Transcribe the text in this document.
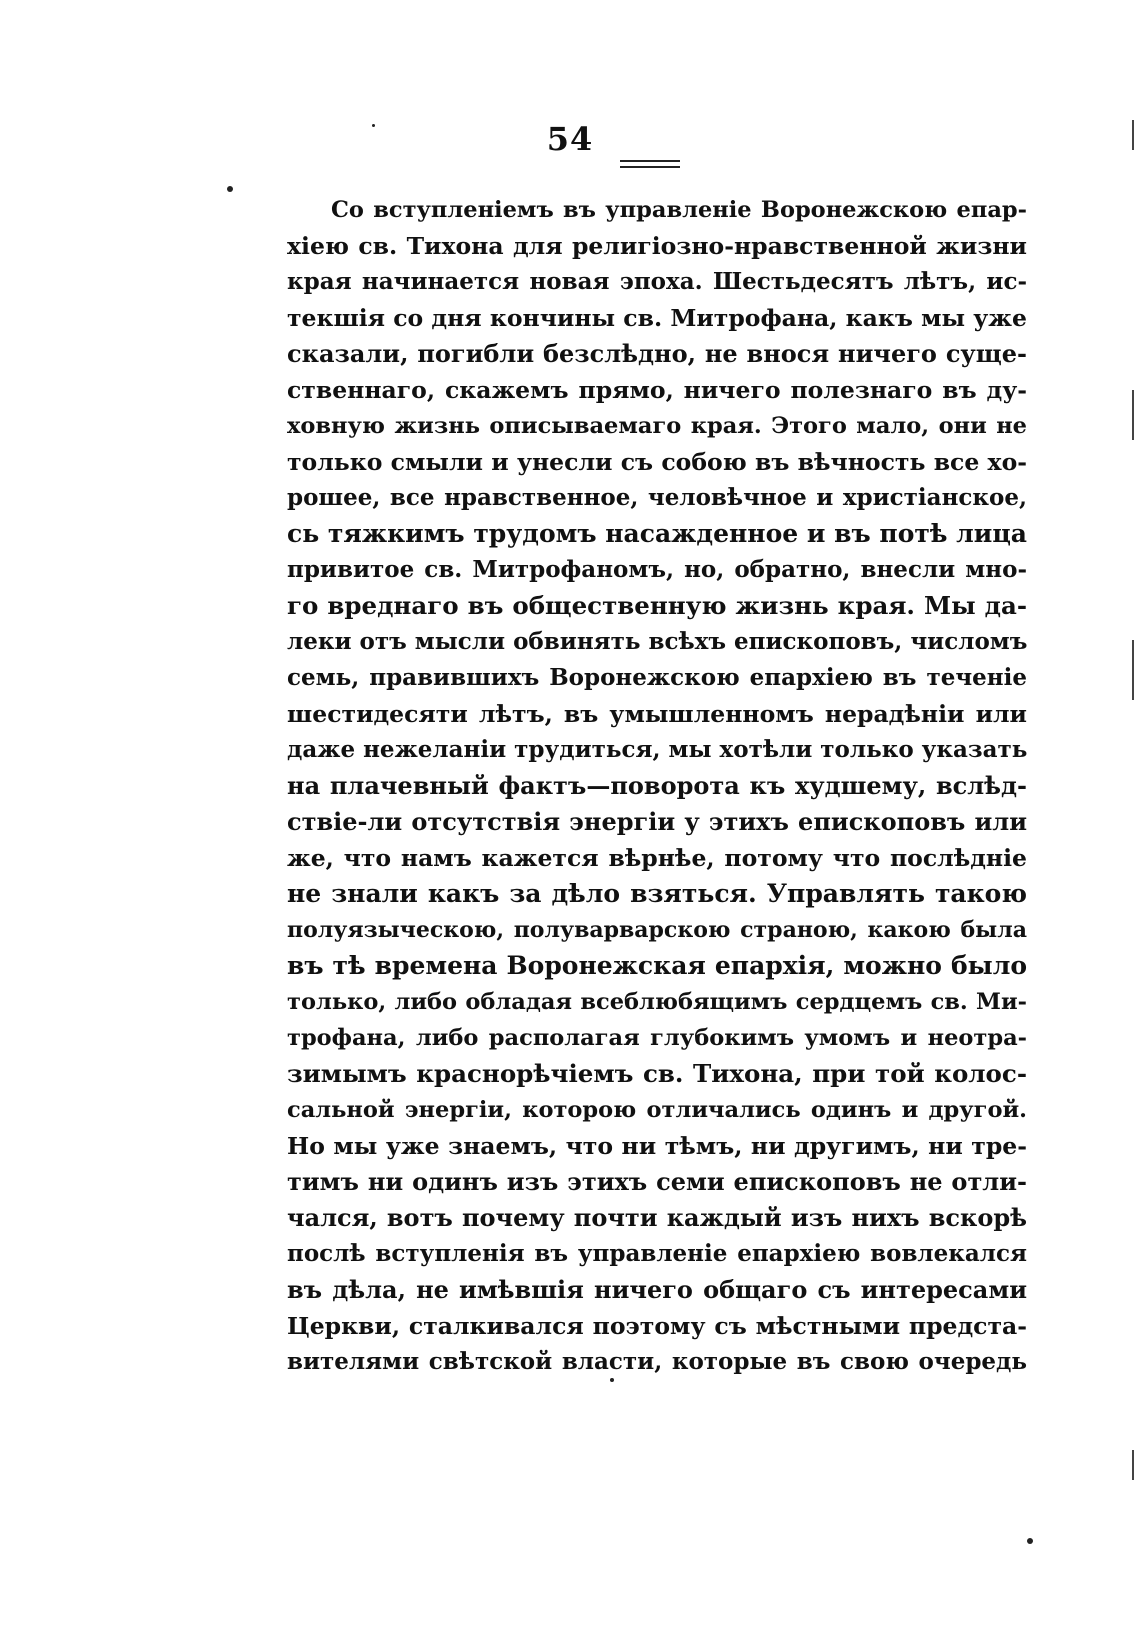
54
Со вступленіемъ въ управленіе Воронежскою епар-
хіею св. Тихона для религіозно-нравственной жизни
края начинается новая эпоха. Шестьдесятъ лѣтъ, ис-
текшія со дня кончины св. Митрофана, какъ мы уже
сказали, погибли безслѣдно, не внося ничего суще-
ственнаго, скажемъ прямо, ничего полезнаго въ ду-
ховную жизнь описываемаго края. Этого мало, они не
только смыли и унесли съ собою въ вѣчность все хо-
рошее, все нравственное, человѣчное и христіанское,
сь тяжкимъ трудомъ насажденное и въ потѣ лица
привитое св. Митрофаномъ, но, обратно, внесли мно-
го вреднаго въ общественную жизнь края. Мы да-
леки отъ мысли обвинять всѣхъ епископовъ, числомъ
семь, правившихъ Воронежскою епархіею въ теченіе
шестидесяти лѣтъ, въ умышленномъ нерадѣніи или
даже нежеланіи трудиться, мы хотѣли только указать
на плачевный фактъ—поворота къ худшему, вслѣд-
ствіе-ли отсутствія энергіи у этихъ епископовъ или
же, что намъ кажется вѣрнѣе, потому что послѣдніе
не знали какъ за дѣло взяться. Управлять такою
полуязыческою, полуварварскою страною, какою была
въ тѣ времена Воронежская епархія, можно было
только, либо обладая всеблюбящимъ сердцемъ св. Ми-
трофана, либо располагая глубокимъ умомъ и неотра-
зимымъ краснорѣчіемъ св. Тихона, при той колос-
сальной энергіи, которою отличались одинъ и другой.
Но мы уже знаемъ, что ни тѣмъ, ни другимъ, ни тре-
тимъ ни одинъ изъ этихъ семи епископовъ не отли-
чался, вотъ почему почти каждый изъ нихъ вскорѣ
послѣ вступленія въ управленіе епархіею вовлекался
въ дѣла, не имѣвшія ничего общаго съ интересами
Церкви, сталкивался поэтому съ мѣстными предста-
вителями свѣтской власти, которые въ свою очередь
